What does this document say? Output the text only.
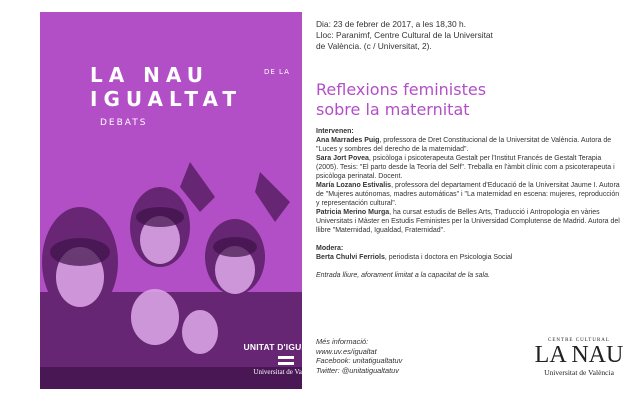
LA NAU	DE LA
IGUALTAT
DEBATS
UNITAT D'IGUALTAT
Universitat de València
Dia: 23 de febrer de 2017, a les 18,30 h.
Lloc: Paranimf, Centre Cultural de la Universitat
de València. (c / Universitat, 2).
Reflexions feministes
sobre la maternitat

Intervenen:

Ana Marrades Puig, professora de Dret Constitucional de la Universitat de València. Autora de "Luces y sombres del derecho de la maternidad".

Sara Jort Povea, psicòloga i psicoterapeuta Gestalt per l'Institut Francés de Gestalt Terapia (2005). Tesis: "El parto desde la Teoría del Self". Treballa en l'àmbit clínic com a psicoterapeuta i psicòloga perinatal. Docent.

María Lozano Estivalis, professora del departament d'Educació de la Universitat Jaume I. Autora de "Mujeres autónomas, madres automáticas" i "La maternidad en escena: mujeres, reproducción y representación cultural".

Patricia Merino Murga, ha cursat estudis de Belles Arts, Traducció i Antropologia en vàries Universitats i Màster en Estudis Feministes per la Universidad Complutense de Madrid. Autora del llibre "Maternidad, Igualdad, Fraternidad".

Modera:

Berta Chulvi Ferriols, periodista i doctora en Psicologia Social

Entrada lliure, aforament limitat a la capacitat de la sala.

Més informació:
www.uv.es/igualtat
Facebook: unitatigualtatuv
Twitter: @unitatigualtatuv
CENTRE CULTURAL
LA NAU
Universitat de València
